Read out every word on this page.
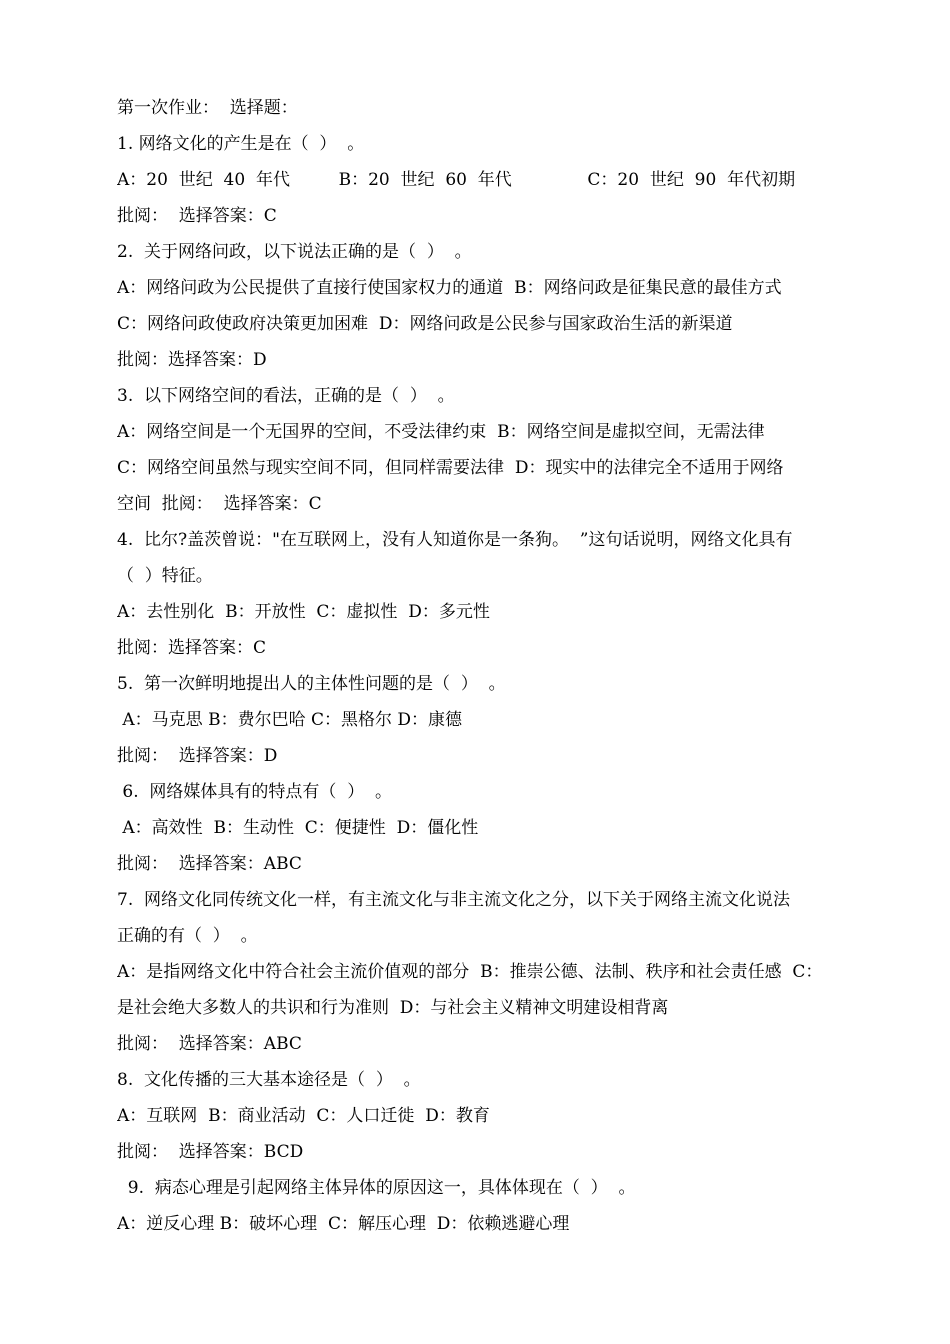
第一次作业：  选择题：
1. 网络文化的产生是在（  ）  。
A：20  世纪  40  年代         B：20  世纪  60  年代              C：20  世纪  90  年代初期
批阅：  选择答案：C
2.  关于网络问政，以下说法正确的是（  ）  。
A：网络问政为公民提供了直接行使国家权力的通道  B：网络问政是征集民意的最佳方式
C：网络问政使政府决策更加困难  D：网络问政是公民参与国家政治生活的新渠道
批阅：选择答案：D
3.  以下网络空间的看法，正确的是（  ）  。
A：网络空间是一个无国界的空间，不受法律约束  B：网络空间是虚拟空间，无需法律
C：网络空间虽然与现实空间不同，但同样需要法律  D：现实中的法律完全不适用于网络
空间  批阅：  选择答案：C
4.  比尔?盖茨曾说："在互联网上，没有人知道你是一条狗。  ”这句话说明，网络文化具有
（  ）特征。
A：去性别化  B：开放性  C：虚拟性  D：多元性
批阅：选择答案：C
5.  第一次鲜明地提出人的主体性问题的是（  ）  。
A：马克思 B：费尔巴哈 C：黑格尔 D：康德
批阅：  选择答案：D
6.  网络媒体具有的特点有（  ）  。
A：高效性  B：生动性  C：便捷性  D：僵化性
批阅：  选择答案：ABC
7.  网络文化同传统文化一样，有主流文化与非主流文化之分，以下关于网络主流文化说法
正确的有（  ）  。
A：是指网络文化中符合社会主流价值观的部分  B：推崇公德、法制、秩序和社会责任感  C：
是社会绝大多数人的共识和行为准则  D：与社会主义精神文明建设相背离
批阅：  选择答案：ABC
8.  文化传播的三大基本途径是（  ）  。
A：互联网  B：商业活动  C：人口迁徙  D：教育
批阅：  选择答案：BCD
9.  病态心理是引起网络主体异体的原因这一，具体体现在（  ）  。
A：逆反心理 B：破坏心理  C：解压心理  D：依赖逃避心理
